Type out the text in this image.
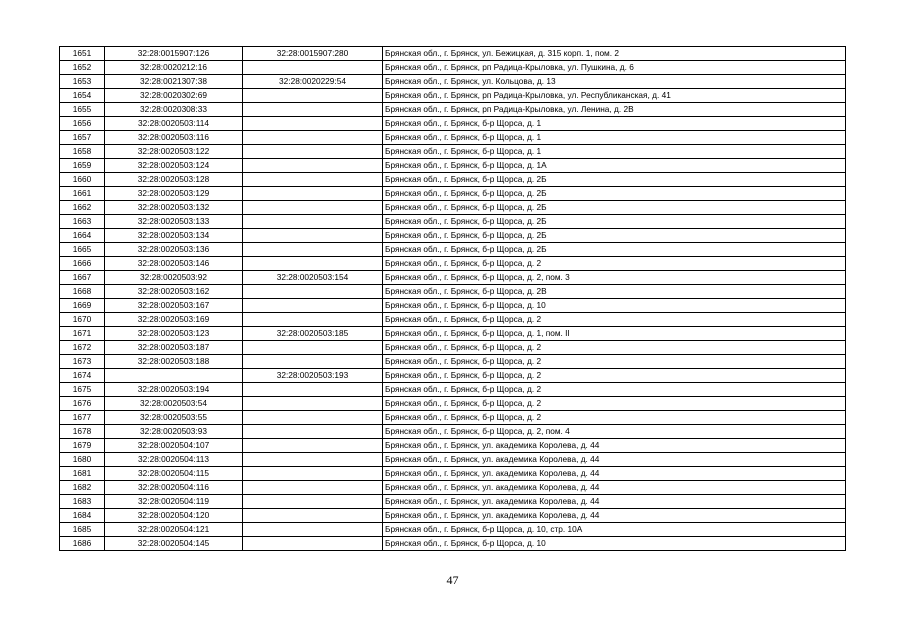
1651	32:28:0015907:126	32:28:0015907:280	Брянская обл., г. Брянск, ул. Бежицкая, д. 315 корп. 1, пом. 2
1652	32:28:0020212:16		Брянская обл., г. Брянск, рп Радица-Крыловка, ул. Пушкина, д. 6
1653	32:28:0021307:38	32:28:0020229:54	Брянская обл., г. Брянск, ул. Кольцова, д. 13
1654	32:28:0020302:69		Брянская обл., г. Брянск, рп Радица-Крыловка, ул. Республиканская, д. 41
1655	32:28:0020308:33		Брянская обл., г. Брянск, рп Радица-Крыловка, ул. Ленина, д. 2В
1656	32:28:0020503:114		Брянская обл., г. Брянск, б-р Щорса, д. 1
1657	32:28:0020503:116		Брянская обл., г. Брянск, б-р Щорса, д. 1
1658	32:28:0020503:122		Брянская обл., г. Брянск, б-р Щорса, д. 1
1659	32:28:0020503:124		Брянская обл., г. Брянск, б-р Щорса, д. 1А
1660	32:28:0020503:128		Брянская обл., г. Брянск, б-р Щорса, д. 2Б
1661	32:28:0020503:129		Брянская обл., г. Брянск, б-р Щорса, д. 2Б
1662	32:28:0020503:132		Брянская обл., г. Брянск, б-р Щорса, д. 2Б
1663	32:28:0020503:133		Брянская обл., г. Брянск, б-р Щорса, д. 2Б
1664	32:28:0020503:134		Брянская обл., г. Брянск, б-р Щорса, д. 2Б
1665	32:28:0020503:136		Брянская обл., г. Брянск, б-р Щорса, д. 2Б
1666	32:28:0020503:146		Брянская обл., г. Брянск, б-р Щорса, д. 2
1667	32:28:0020503:92	32:28:0020503:154	Брянская обл., г. Брянск, б-р Щорса, д. 2, пом. 3
1668	32:28:0020503:162		Брянская обл., г. Брянск, б-р Щорса, д. 2В
1669	32:28:0020503:167		Брянская обл., г. Брянск, б-р Щорса, д. 10
1670	32:28:0020503:169		Брянская обл., г. Брянск, б-р Щорса, д. 2
1671	32:28:0020503:123	32:28:0020503:185	Брянская обл., г. Брянск, б-р Щорса, д. 1, пом. II
1672	32:28:0020503:187		Брянская обл., г. Брянск, б-р Щорса, д. 2
1673	32:28:0020503:188		Брянская обл., г. Брянск, б-р Щорса, д. 2
1674		32:28:0020503:193	Брянская обл., г. Брянск, б-р Щорса, д. 2
1675	32:28:0020503:194		Брянская обл., г. Брянск, б-р Щорса, д. 2
1676	32:28:0020503:54		Брянская обл., г. Брянск, б-р Щорса, д. 2
1677	32:28:0020503:55		Брянская обл., г. Брянск, б-р Щорса, д. 2
1678	32:28:0020503:93		Брянская обл., г. Брянск, б-р Щорса, д. 2, пом. 4
1679	32:28:0020504:107		Брянская обл., г. Брянск, ул. академика Королева, д. 44
1680	32:28:0020504:113		Брянская обл., г. Брянск, ул. академика Королева, д. 44
1681	32:28:0020504:115		Брянская обл., г. Брянск, ул. академика Королева, д. 44
1682	32:28:0020504:116		Брянская обл., г. Брянск, ул. академика Королева, д. 44
1683	32:28:0020504:119		Брянская обл., г. Брянск, ул. академика Королева, д. 44
1684	32:28:0020504:120		Брянская обл., г. Брянск, ул. академика Королева, д. 44
1685	32:28:0020504:121		Брянская обл., г. Брянск, б-р Щорса, д. 10, стр. 10А
1686	32:28:0020504:145		Брянская обл., г. Брянск, б-р Щорса, д. 10
47
